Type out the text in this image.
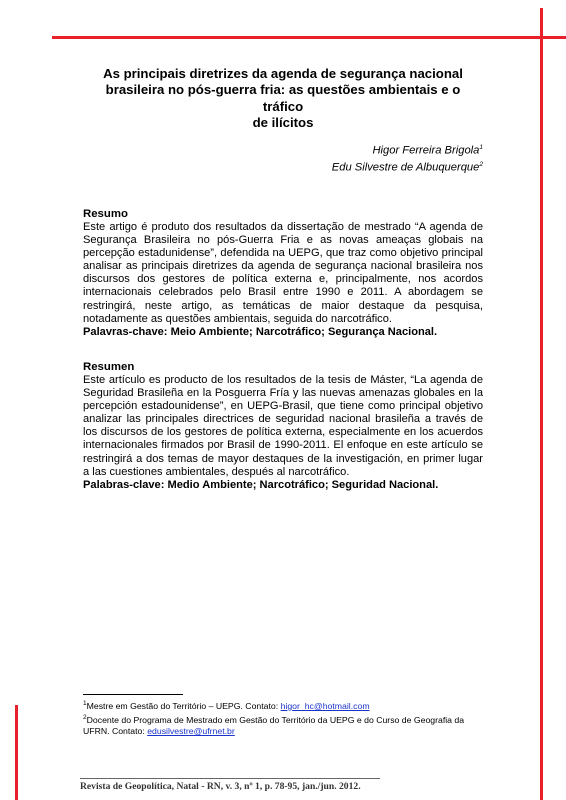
As principais diretrizes da agenda de segurança nacional
brasileira no pós-guerra fria: as questões ambientais e o tráfico
de ilícitos
Higor Ferreira Brigola$^1$
Edu Silvestre de Albuquerque$^2$
Resumo

Este artigo é produto dos resultados da dissertação de mestrado “A agenda de Segurança Brasileira no pós-Guerra Fria e as novas ameaças globais na percepção estadunidense”, defendida na UEPG, que traz como objetivo principal analisar as principais diretrizes da agenda de segurança nacional brasileira nos discursos dos gestores de política externa e, principalmente, nos acordos internacionais celebrados pelo Brasil entre 1990 e 2011. A abordagem se restringirá, neste artigo, as temáticas de maior destaque da pesquisa, notadamente as questões ambientais, seguida do narcotráfico.

Palavras-chave: Meio Ambiente; Narcotráfico; Segurança Nacional.
Resumen

Este artículo es producto de los resultados de la tesis de Máster, “La agenda de Seguridad Brasileña en la Posguerra Fría y las nuevas amenazas globales en la percepción estadounidense”, en UEPG-Brasil, que tiene como principal objetivo analizar las principales directrices de seguridad nacional brasileña a través de los discursos de los gestores de política externa, especialmente en los acuerdos internacionales firmados por Brasil de 1990-2011. El enfoque en este artículo se restringirá a dos temas de mayor destaques de la investigación, en primer lugar a las cuestiones ambientales, después al narcotráfico.

Palabras-clave: Medio Ambiente; Narcotráfico; Seguridad Nacional.
$^1$Mestre em Gestão do Território – UEPG. Contato: higor_hc@hotmail.com
$^2$Docente do Programa de Mestrado em Gestão do Território da UEPG e do Curso de Geografia da UFRN. Contato: edusilvestre@ufrnet.br
Revista de Geopolítica, Natal - RN, v. 3, nº 1, p. 78-95, jan./jun. 2012.
